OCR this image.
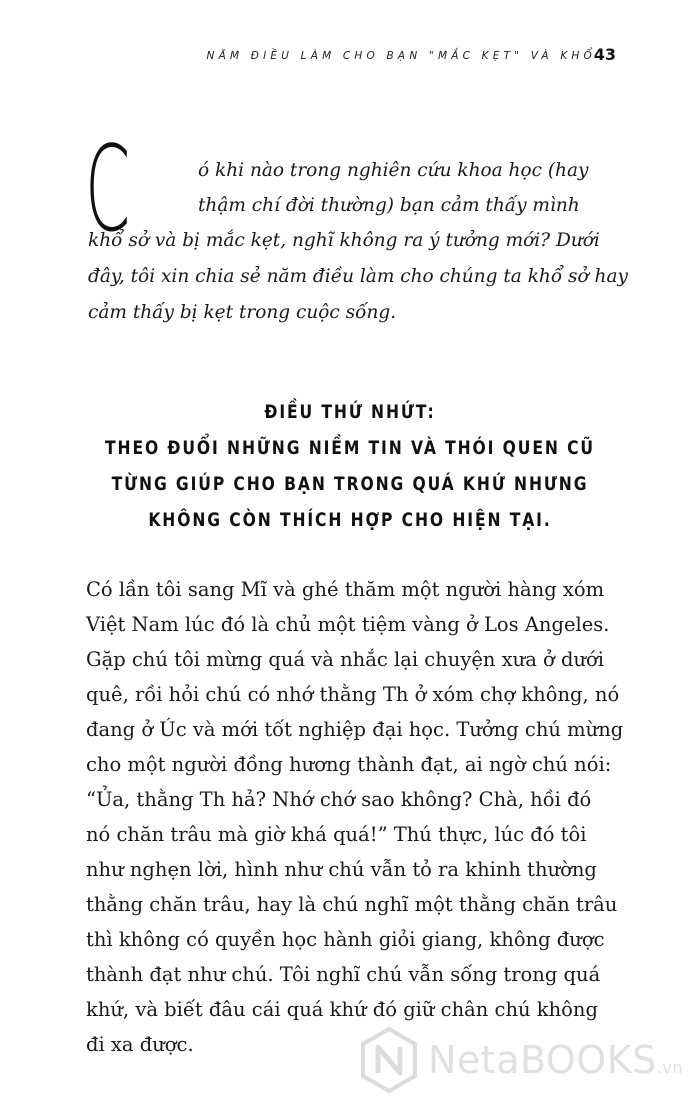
NĂM ĐIỀU LÀM CHO BẠN "MẮC KẸT" VÀ KHỔ
43
C	ó khi nào trong nghiên cứu khoa học (hay
thậm chí đời thường) bạn cảm thấy mình
khổ sở và bị mắc kẹt, nghĩ không ra ý tưởng mới? Dưới
đây, tôi xin chia sẻ năm điều làm cho chúng ta khổ sở hay
cảm thấy bị kẹt trong cuộc sống.
ĐIỀU THỨ NHỨT:
THEO ĐUỔI NHỮNG NIỀM TIN VÀ THÓI QUEN CŨ
TỪNG GIÚP CHO BẠN TRONG QUÁ KHỨ NHƯNG
KHÔNG CÒN THÍCH HỢP CHO HIỆN TẠI.
Có lần tôi sang Mĩ và ghé thăm một người hàng xóm
Việt Nam lúc đó là chủ một tiệm vàng ở Los Angeles.
Gặp chú tôi mừng quá và nhắc lại chuyện xưa ở dưới
quê, rồi hỏi chú có nhớ thằng Th ở xóm chợ không, nó
đang ở Úc và mới tốt nghiệp đại học. Tưởng chú mừng
cho một người đồng hương thành đạt, ai ngờ chú nói:
“Ủa, thằng Th hả? Nhớ chớ sao không? Chà, hồi đó
nó chăn trâu mà giờ khá quá!” Thú thực, lúc đó tôi
như nghẹn lời, hình như chú vẫn tỏ ra khinh thường
thằng chăn trâu, hay là chú nghĩ một thằng chăn trâu
thì không có quyền học hành giỏi giang, không được
thành đạt như chú. Tôi nghĩ chú vẫn sống trong quá
khứ, và biết đâu cái quá khứ đó giữ chân chú không
đi xa được.	NetaBOOKS.vn
